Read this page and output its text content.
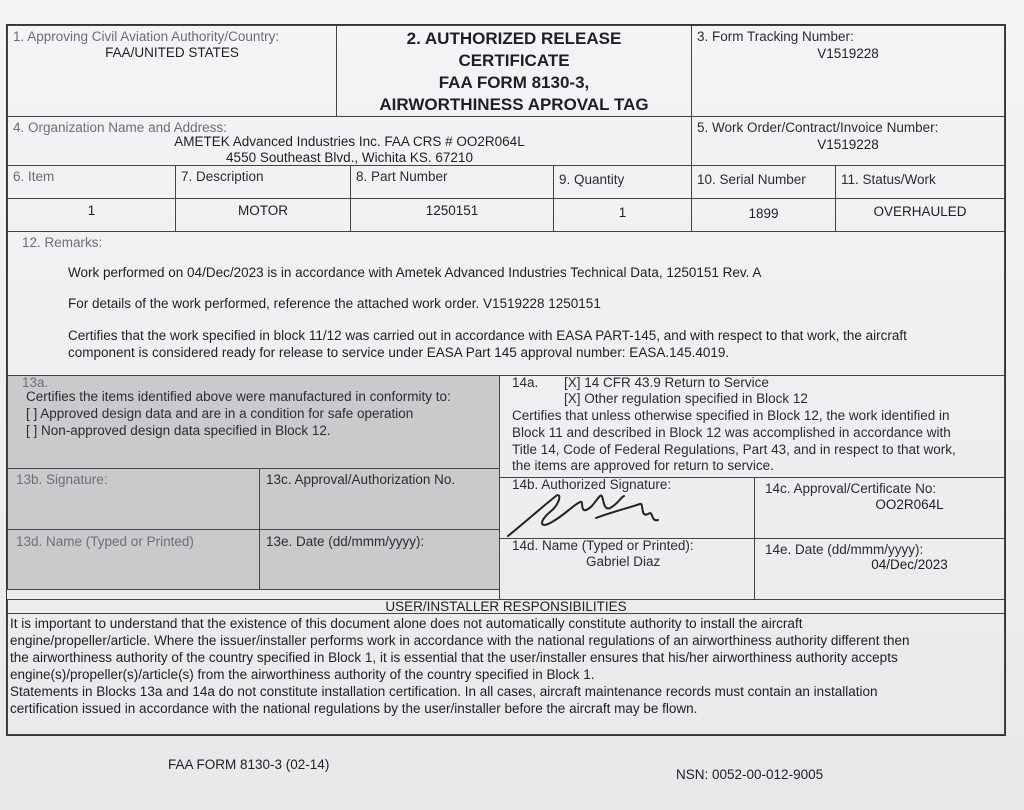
1. Approving Civil Aviation Authority/Country:
FAA/UNITED STATES
2. AUTHORIZED RELEASE
CERTIFICATE
FAA FORM 8130-3,
AIRWORTHINESS APROVAL TAG
3. Form Tracking Number:
V1519228
4. Organization Name and Address:
AMETEK Advanced Industries Inc. FAA CRS # OO2R064L
4550 Southeast Blvd., Wichita KS. 67210
5. Work Order/Contract/Invoice Number:
V1519228
6. Item	7. Description	8. Part Number	9. Quantity	10. Serial Number	11. Status/Work
1	MOTOR	1250151	1	1899	OVERHAULED
12. Remarks:
Work performed on 04/Dec/2023 is in accordance with Ametek Advanced Industries Technical Data, 1250151 Rev. A
For details of the work performed, reference the attached work order. V1519228 1250151
Certifies that the work specified in block 11/12 was carried out in accordance with EASA PART-145, and with respect to that work, the aircraft
component is considered ready for release to service under EASA Part 145 approval number: EASA.145.4019.
13a.
Certifies the items identified above were manufactured in conformity to:
[ ] Approved design data and are in a condition for safe operation
[ ] Non-approved design data specified in Block 12.
14a. [X] 14 CFR 43.9 Return to Service
[X] Other regulation specified in Block 12
Certifies that unless otherwise specified in Block 12, the work identified in
Block 11 and described in Block 12 was accomplished in accordance with
Title 14, Code of Federal Regulations, Part 43, and in respect to that work,
the items are approved for return to service.
13b. Signature:	13c. Approval/Authorization No.	14b. Authorized Signature:	14c. Approval/Certificate No:
OO2R064L
13d. Name (Typed or Printed)	13e. Date (dd/mmm/yyyy):	14d. Name (Typed or Printed):
Gabriel Diaz
14e. Date (dd/mmm/yyyy):
04/Dec/2023
USER/INSTALLER RESPONSIBILITIES
It is important to understand that the existence of this document alone does not automatically constitute authority to install the aircraft
engine/propeller/article. Where the issuer/installer performs work in accordance with the national regulations of an airworthiness authority different then
the airworthiness authority of the country specified in Block 1, it is essential that the user/installer ensures that his/her airworthiness authority accepts
engine(s)/propeller(s)/article(s) from the airworthiness authority of the country specified in Block 1.
Statements in Blocks 13a and 14a do not constitute installation certification. In all cases, aircraft maintenance records must contain an installation
certification issued in accordance with the national regulations by the user/installer before the aircraft may be flown.
FAA FORM 8130-3 (02-14)
NSN: 0052-00-012-9005
